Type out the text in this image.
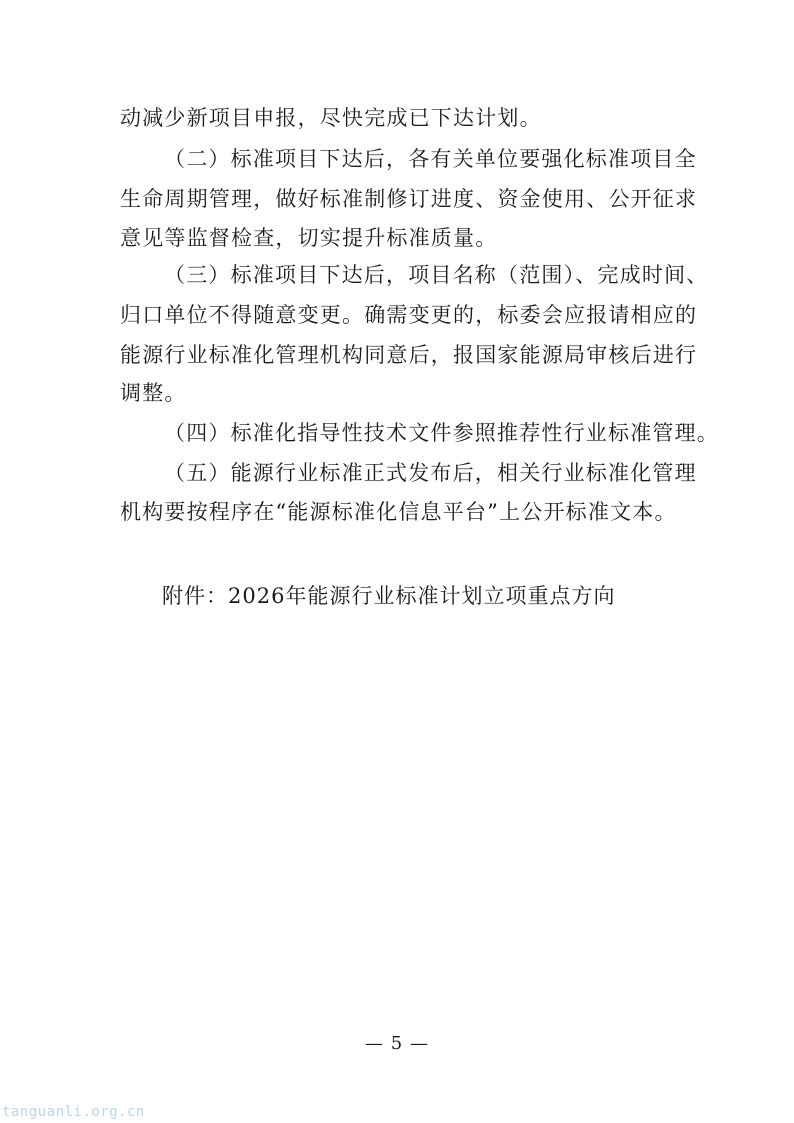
动减少新项目申报，尽快完成已下达计划。
（二）标准项目下达后，各有关单位要强化标准项目全
生命周期管理，做好标准制修订进度、资金使用、公开征求
意见等监督检查，切实提升标准质量。
（三）标准项目下达后，项目名称（范围）、完成时间、
归口单位不得随意变更。确需变更的，标委会应报请相应的
能源行业标准化管理机构同意后，报国家能源局审核后进行
调整。
（四）标准化指导性技术文件参照推荐性行业标准管理。
（五）能源行业标准正式发布后，相关行业标准化管理
机构要按程序在“能源标准化信息平台”上公开标准文本。
附件：2026年能源行业标准计划立项重点方向
— 5 —
tanguanli.org.cn
